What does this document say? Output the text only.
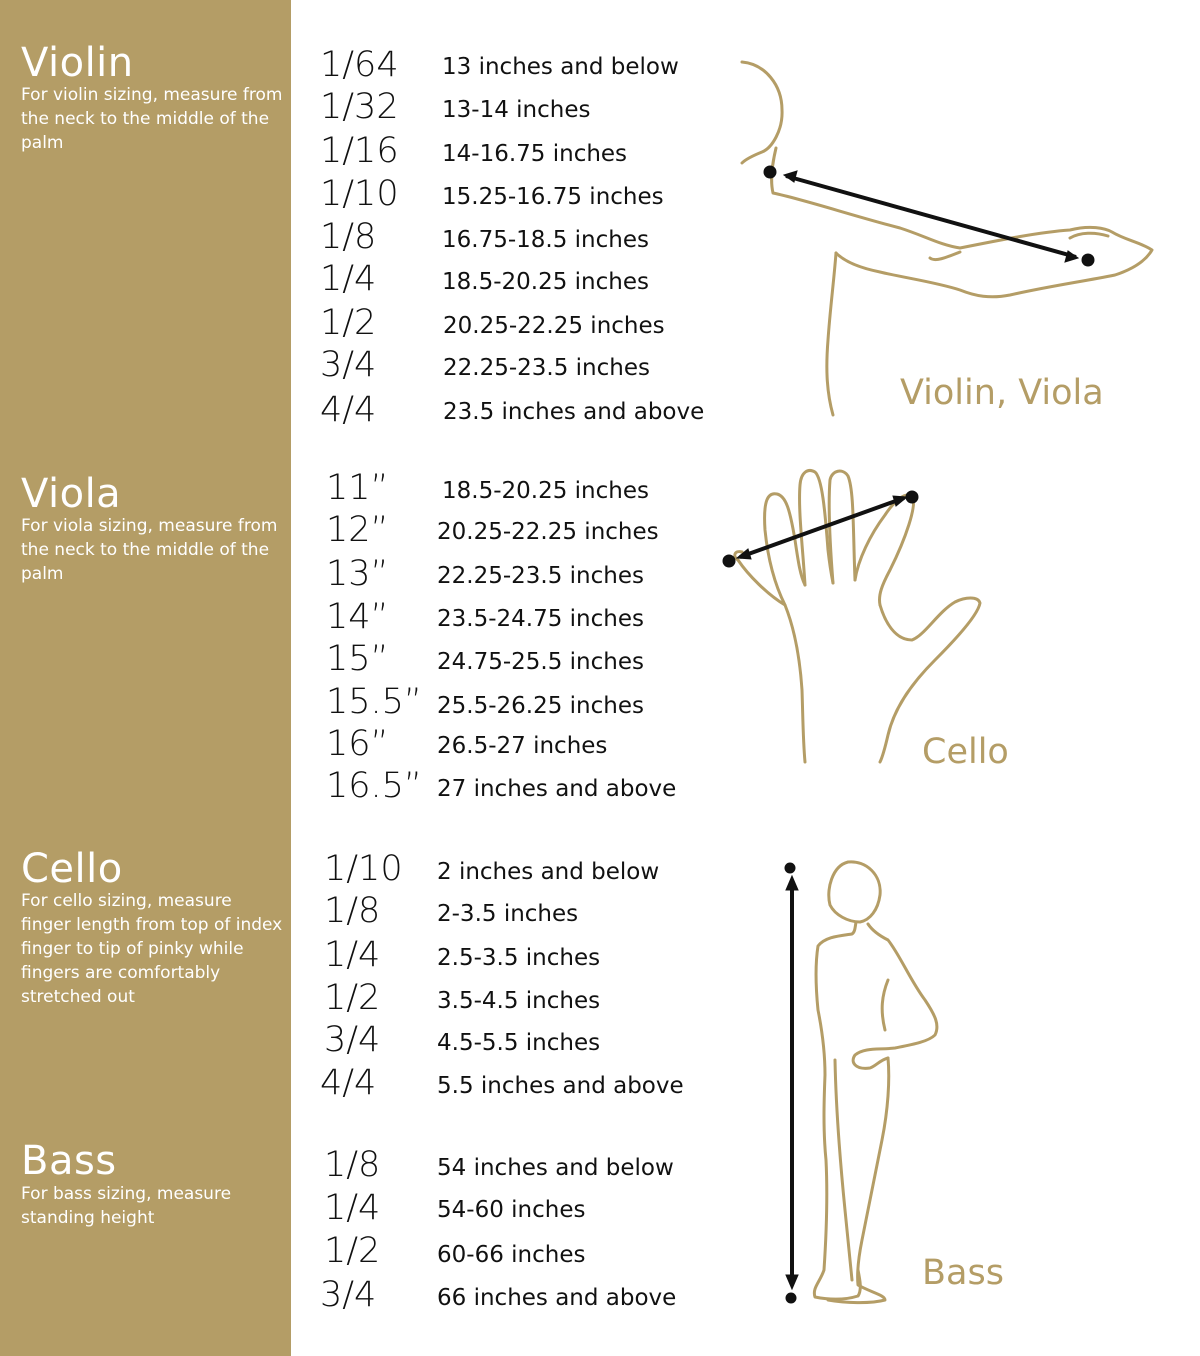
Violin

For violin sizing, measure from the neck to the middle of the palm

Viola

For viola sizing, measure from the neck to the middle of the palm

Cello

For cello sizing, measure finger length from top of index finger to tip of pinky while fingers are comfortably stretched out

Bass

For bass sizing, measure standing height

1/64	13 inches and below
1/32	13-14 inches
1/16	14-16.75 inches
1/10	15.25-16.75 inches
1/8	16.75-18.5 inches
1/4	18.5-20.25 inches
1/2	20.25-22.25 inches
3/4	22.25-23.5 inches
4/4	23.5 inches and above
11”	18.5-20.25 inches
12”	20.25-22.25 inches
13”	22.25-23.5 inches
14”	23.5-24.75 inches
15”	24.75-25.5 inches
15.5” 25.5-26.25 inches
16”	26.5-27 inches
16.5” 27 inches and above
1/10	2 inches and below
1/8	2-3.5 inches
1/4	2.5-3.5 inches
1/2	3.5-4.5 inches
3/4	4.5-5.5 inches
4/4	5.5 inches and above
1/8	54 inches and below
1/4	54-60 inches
1/2	60-66 inches
3/4	66 inches and above
Violin, Viola
Cello
Bass
